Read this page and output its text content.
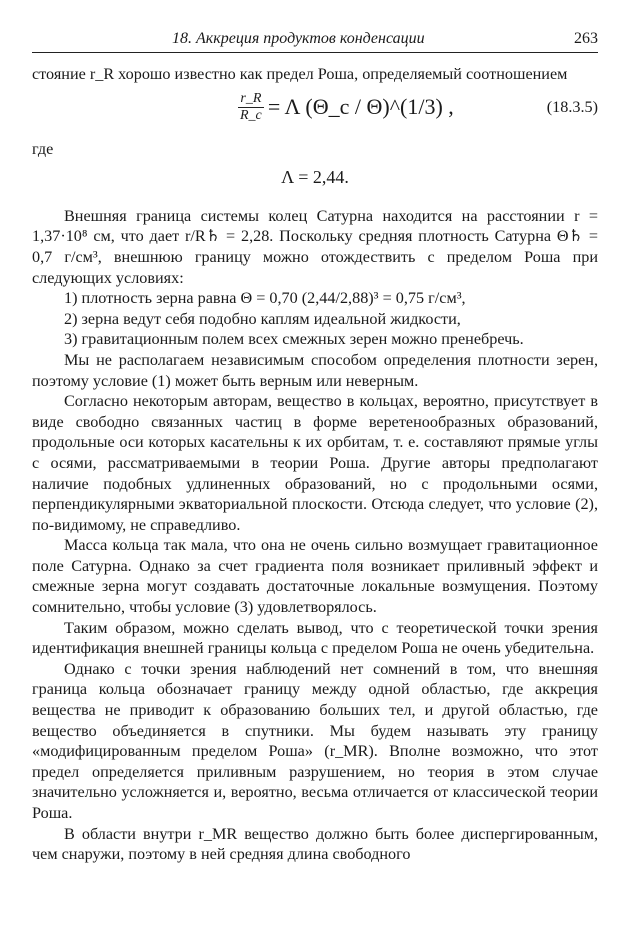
18. Аккреция продуктов конденсации	263

стояние r_R хорошо известно как предел Роша, определяемый соотношением

$\frac{r\_R}{R\_c} = \Lambda$ (Θ_c / Θ)^(1/3) ,	(18.3.5)

где

Λ = 2,44.

Внешняя граница системы колец Сатурна находится на расстоянии r = 1,37·10⁸ см, что дает r/R♄ = 2,28. Поскольку средняя плотность Сатурна Θ♄ = 0,7 г/см³, внешнюю границу можно отождествить с пределом Роша при следующих условиях:

1) плотность зерна равна Θ = 0,70 (2,44/2,88)³ = 0,75 г/см³,

2) зерна ведут себя подобно каплям идеальной жидкости,

3) гравитационным полем всех смежных зерен можно пренебречь.

Мы не располагаем независимым способом определения плотности зерен, поэтому условие (1) может быть верным или неверным.

Согласно некоторым авторам, вещество в кольцах, вероятно, присутствует в виде свободно связанных частиц в форме веретенообразных образований, продольные оси которых касательны к их орбитам, т. е. составляют прямые углы с осями, рассматриваемыми в теории Роша. Другие авторы предполагают наличие подобных удлиненных образований, но с продольными осями, перпендикулярными экваториальной плоскости. Отсюда следует, что условие (2), по-видимому, не справедливо.

Масса кольца так мала, что она не очень сильно возмущает гравитационное поле Сатурна. Однако за счет градиента поля возникает приливный эффект и смежные зерна могут создавать достаточные локальные возмущения. Поэтому сомнительно, чтобы условие (3) удовлетворялось.

Таким образом, можно сделать вывод, что с теоретической точки зрения идентификация внешней границы кольца с пределом Роша не очень убедительна.

Однако с точки зрения наблюдений нет сомнений в том, что внешняя граница кольца обозначает границу между одной областью, где аккреция вещества не приводит к образованию больших тел, и другой областью, где вещество объединяется в спутники. Мы будем называть эту границу «модифицированным пределом Роша» (r_MR). Вполне возможно, что этот предел определяется приливным разрушением, но теория в этом случае значительно усложняется и, вероятно, весьма отличается от классической теории Роша.

В области внутри r_MR вещество должно быть более диспергированным, чем снаружи, поэтому в ней средняя длина свободного
